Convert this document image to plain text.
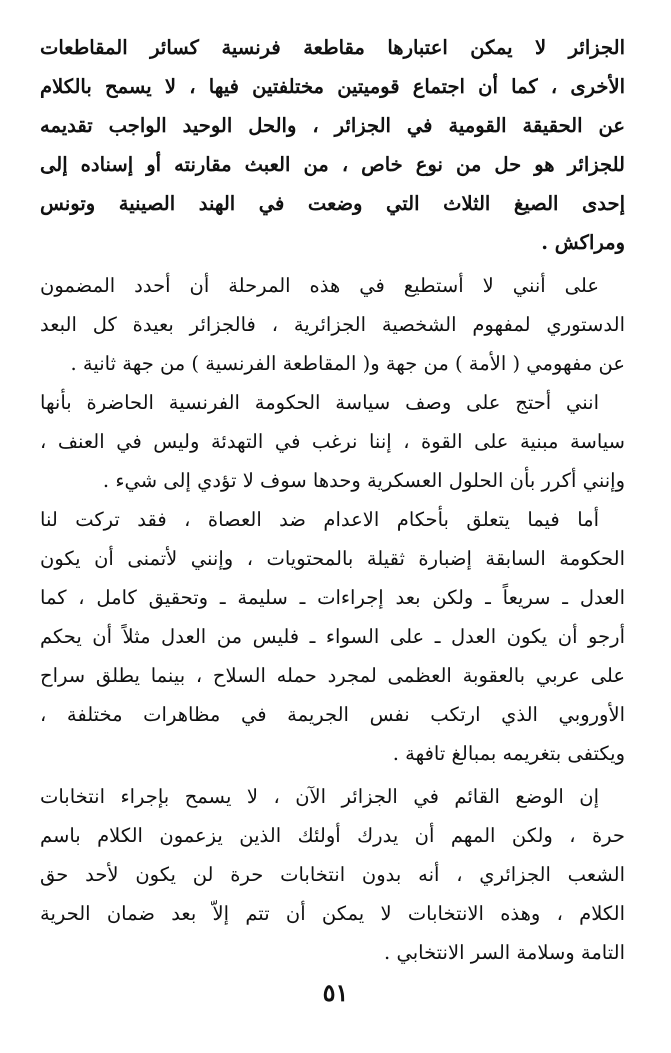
الجزائر لا يمكن اعتبارها مقاطعة فرنسية كسائر المقاطعات
الأخرى ، كما أن اجتماع قوميتين مختلفتين فيها ، لا يسمح بالكلام
عن الحقيقة القومية في الجزائر ، والحل الوحيد الواجب تقديمه
للجزائر هو حل من نوع خاص ، من العبث مقارنته أو إسناده إلى
إحدى الصيغ الثلاث التي وضعت في الهند الصينية وتونس
ومراكش .
على أنني لا أستطيع في هذه المرحلة أن أحدد المضمون
الدستوري لمفهوم الشخصية الجزائرية ، فالجزائر بعيدة كل البعد
عن مفهومي ( الأمة ) من جهة و( المقاطعة الفرنسية ) من جهة ثانية .
انني أحتج على وصف سياسة الحكومة الفرنسية الحاضرة بأنها
سياسة مبنية على القوة ، إننا نرغب في التهدئة وليس في العنف ،
وإنني أكرر بأن الحلول العسكرية وحدها سوف لا تؤدي إلى شيء .
أما فيما يتعلق بأحكام الاعدام ضد العصاة ، فقد تركت لنا
الحكومة السابقة إضبارة ثقيلة بالمحتويات ، وإنني لأتمنى أن يكون
العدل ـ سريعاً ـ ولكن بعد إجراءات ـ سليمة ـ وتحقيق كامل ، كما
أرجو أن يكون العدل ـ على السواء ـ فليس من العدل مثلاً أن يحكم
على عربي بالعقوبة العظمى لمجرد حمله السلاح ، بينما يطلق سراح
الأوروبي الذي ارتكب نفس الجريمة في مظاهرات مختلفة ،
ويكتفى بتغريمه بمبالغ تافهة .
إن الوضع القائم في الجزائر الآن ، لا يسمح بإجراء انتخابات
حرة ، ولكن المهم أن يدرك أولئك الذين يزعمون الكلام باسم
الشعب الجزائري ، أنه بدون انتخابات حرة لن يكون لأحد حق
الكلام ، وهذه الانتخابات لا يمكن أن تتم إلاّ بعد ضمان الحرية
التامة وسلامة السر الانتخابي .
٥١
